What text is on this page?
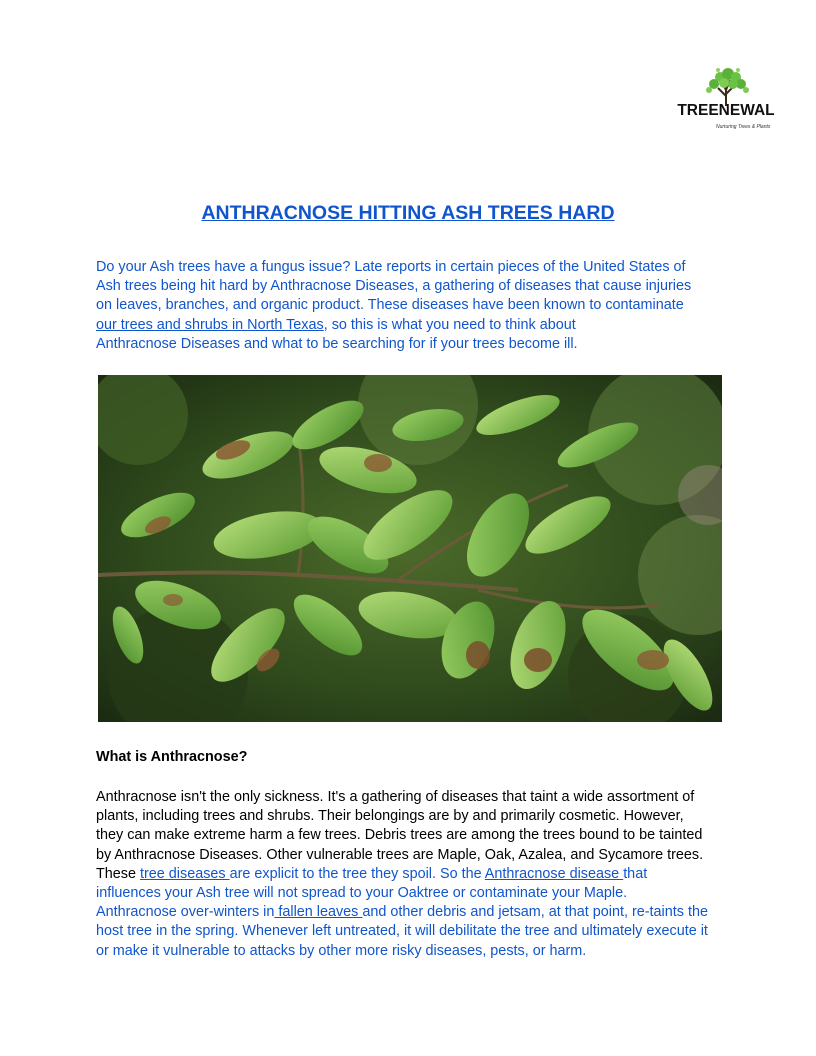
TREENEWAL
Nurturing Trees & Plants
ANTHRACNOSE HITTING ASH TREES HARD
Do your Ash trees have a fungus issue? Late reports in certain pieces of the United States of
Ash trees being hit hard by Anthracnose Diseases, a gathering of diseases that cause injuries
on leaves, branches, and organic product. These diseases have been known to contaminate
our trees and shrubs in North Texas, so this is what you need to think about
Anthracnose Diseases and what to be searching for if your trees become ill.
What is Anthracnose?
Anthracnose isn't the only sickness. It's a gathering of diseases that taint a wide assortment of
plants, including trees and shrubs. Their belongings are by and primarily cosmetic. However,
they can make extreme harm a few trees. Debris trees are among the trees bound to be tainted
by Anthracnose Diseases. Other vulnerable trees are Maple, Oak, Azalea, and Sycamore trees.
These tree diseases are explicit to the tree they spoil. So the Anthracnose disease that
influences your Ash tree will not spread to your Oaktree or contaminate your Maple.
Anthracnose over-winters in fallen leaves and other debris and jetsam, at that point, re-taints the
host tree in the spring. Whenever left untreated, it will debilitate the tree and ultimately execute it
or make it vulnerable to attacks by other more risky diseases, pests, or harm.
